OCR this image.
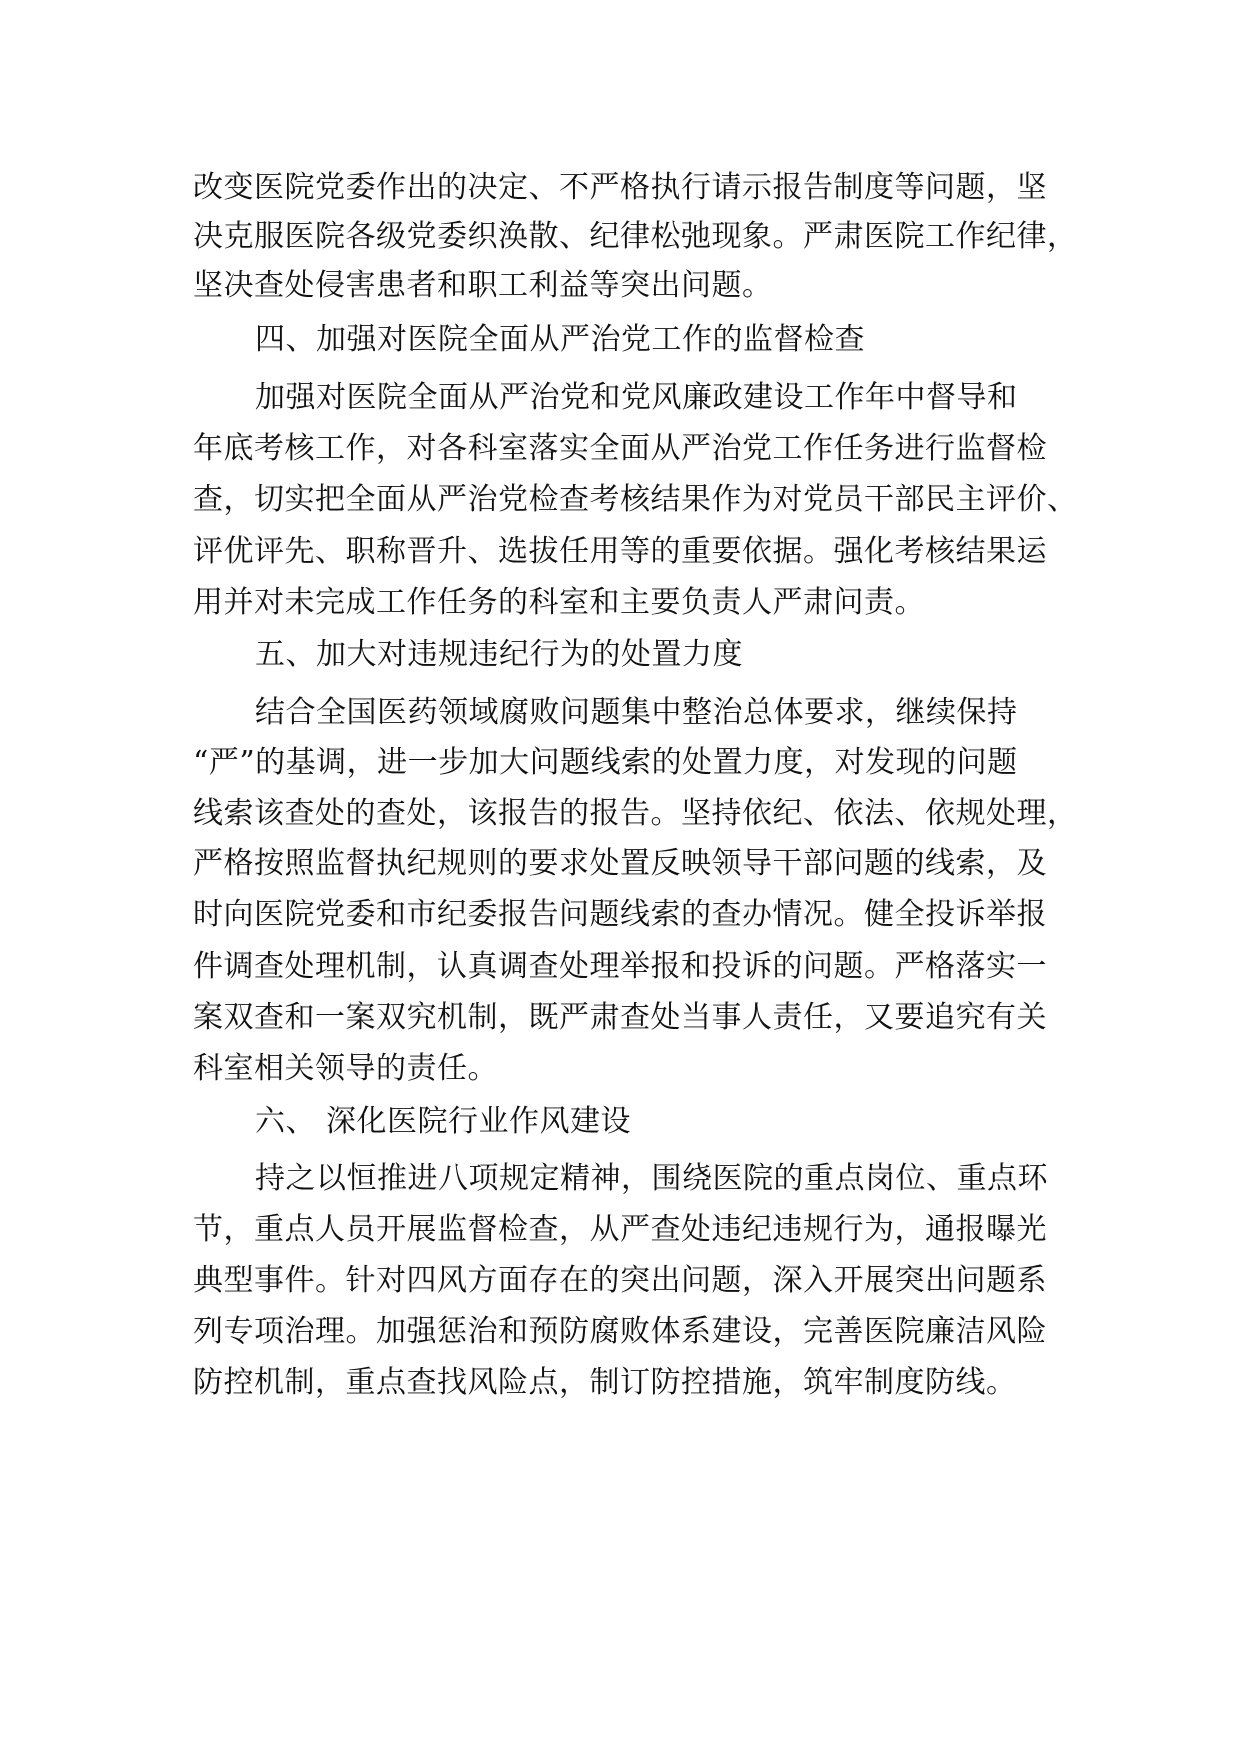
改变医院党委作出的决定、不严格执行请示报告制度等问题，坚
决克服医院各级党委织涣散、纪律松弛现象。严肃医院工作纪律，
坚决查处侵害患者和职工利益等突出问题。
四、加强对医院全面从严治党工作的监督检查
加强对医院全面从严治党和党风廉政建设工作年中督导和
年底考核工作，对各科室落实全面从严治党工作任务进行监督检
查，切实把全面从严治党检查考核结果作为对党员干部民主评价、
评优评先、职称晋升、选拔任用等的重要依据。强化考核结果运
用并对未完成工作任务的科室和主要负责人严肃问责。
五、加大对违规违纪行为的处置力度
结合全国医药领域腐败问题集中整治总体要求，继续保持
“严”的基调，进一步加大问题线索的处置力度，对发现的问题
线索该查处的查处，该报告的报告。坚持依纪、依法、依规处理，
严格按照监督执纪规则的要求处置反映领导干部问题的线索，及
时向医院党委和市纪委报告问题线索的查办情况。健全投诉举报
件调查处理机制，认真调查处理举报和投诉的问题。严格落实一
案双查和一案双究机制，既严肃查处当事人责任，又要追究有关
科室相关领导的责任。
六、 深化医院行业作风建设
持之以恒推进八项规定精神，围绕医院的重点岗位、重点环
节，重点人员开展监督检查，从严查处违纪违规行为，通报曝光
典型事件。针对四风方面存在的突出问题，深入开展突出问题系
列专项治理。加强惩治和预防腐败体系建设，完善医院廉洁风险
防控机制，重点查找风险点，制订防控措施，筑牢制度防线。
